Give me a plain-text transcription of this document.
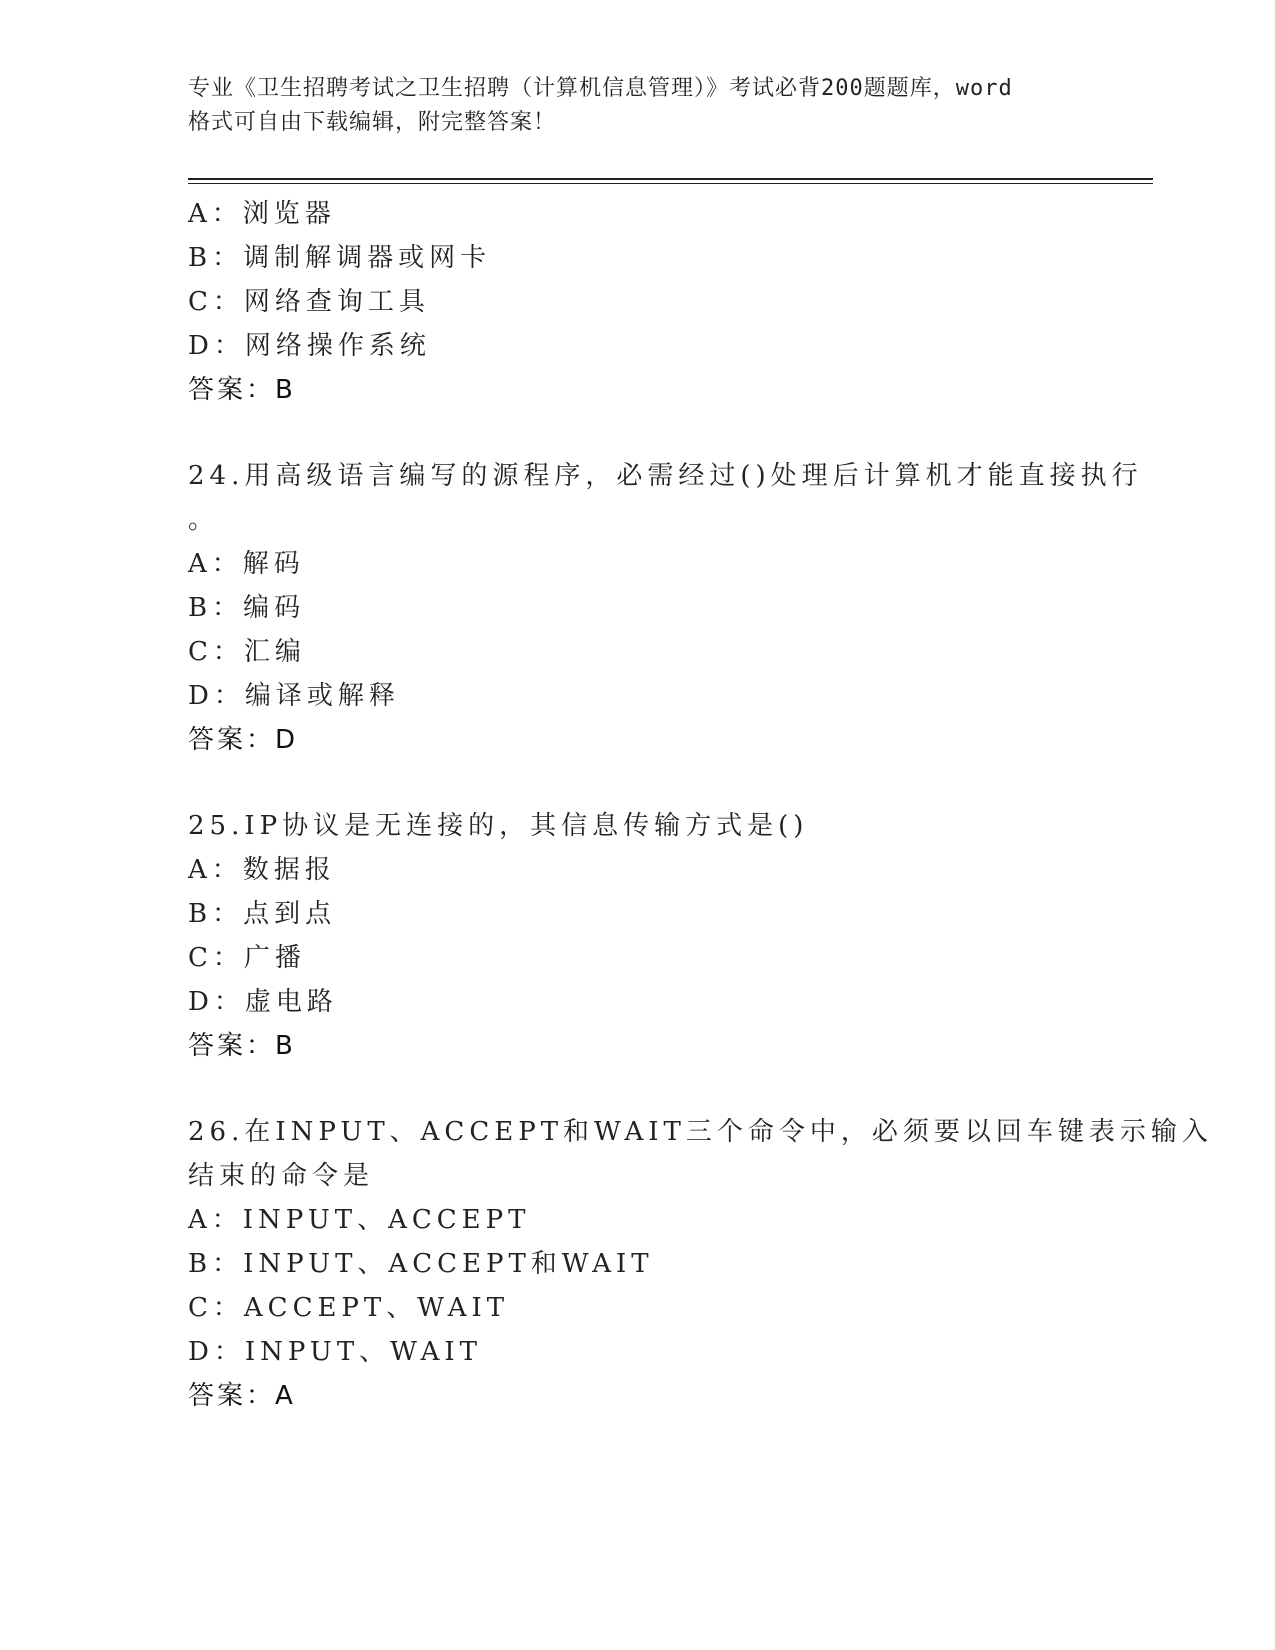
专业《卫生招聘考试之卫生招聘（计算机信息管理）》考试必背200题题库，word
格式可自由下载编辑，附完整答案！
A：浏览器
B：调制解调器或网卡
C：网络查询工具
D：网络操作系统
答案：B
24.用高级语言编写的源程序，必需经过()处理后计算机才能直接执行
。
A：解码
B：编码
C：汇编
D：编译或解释
答案：D
25.IP协议是无连接的，其信息传输方式是()
A：数据报
B：点到点
C：广播
D：虚电路
答案：B
26.在INPUT、ACCEPT和WAIT三个命令中，必须要以回车键表示输入
结束的命令是
A：INPUT、ACCEPT
B：INPUT、ACCEPT和WAIT
C：ACCEPT、WAIT
D：INPUT、WAIT
答案：A
